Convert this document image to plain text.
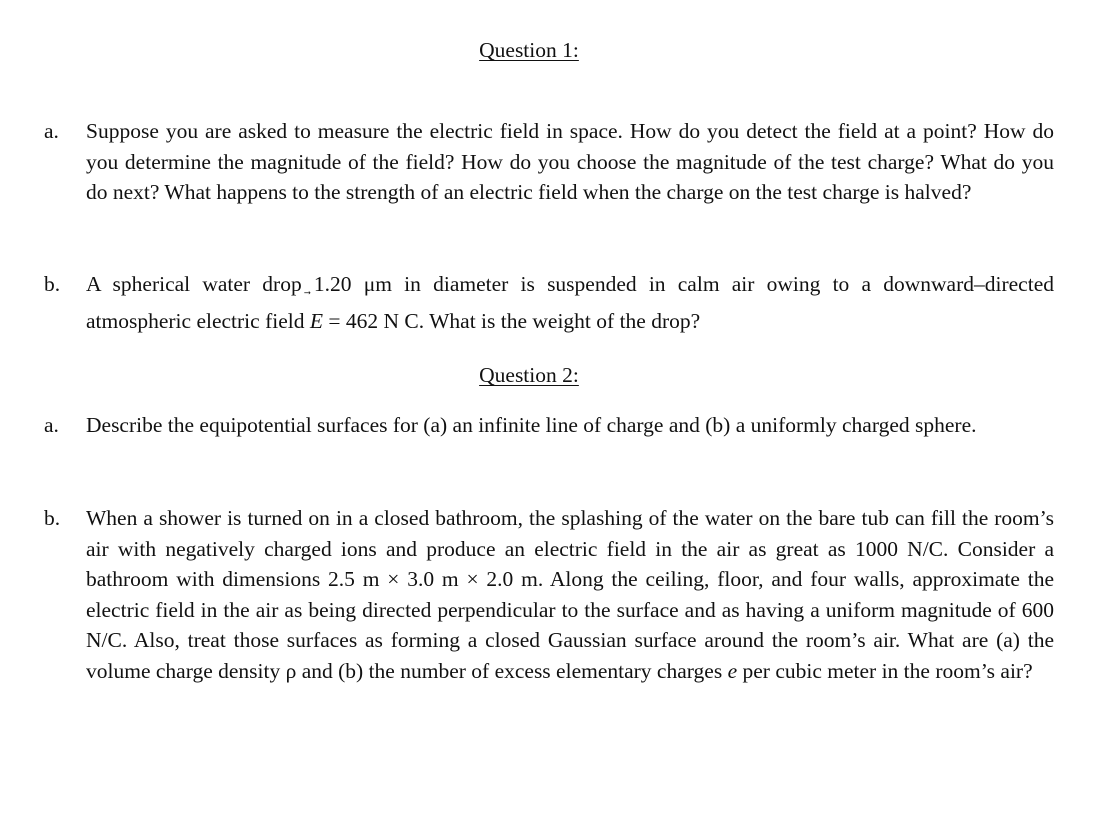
Question 1:
a. Suppose you are asked to measure the electric field in space. How do you detect the field at a point? How do you determine the magnitude of the field? How do you choose the magnitude of the test charge? What do you do next? What happens to the strength of an electric field when the charge on the test charge is halved?
b. A spherical water drop 1.20 μm in diameter is suspended in calm air owing to a downward–directed atmospheric electric field
E = 462 N C. What is the weight of the drop?
Question 2:
a. Describe the equipotential surfaces for (a) an infinite line of charge and (b) a uniformly charged sphere.
b. When a shower is turned on in a closed bathroom, the splashing of the water on the bare tub can fill the room’s air with negatively charged ions and produce an electric field in the air as great as 1000 N/C. Consider a bathroom with dimensions 2.5 m × 3.0 m × 2.0 m. Along the ceiling, floor, and four walls, approximate the electric field in the air as being directed perpendicular to the surface and as having a uniform magnitude of 600 N/C. Also, treat those surfaces as forming a closed Gaussian surface around the room’s air. What are (a) the volume charge density ρ and (b) the number of excess elementary charges e per cubic meter in the room’s air?
